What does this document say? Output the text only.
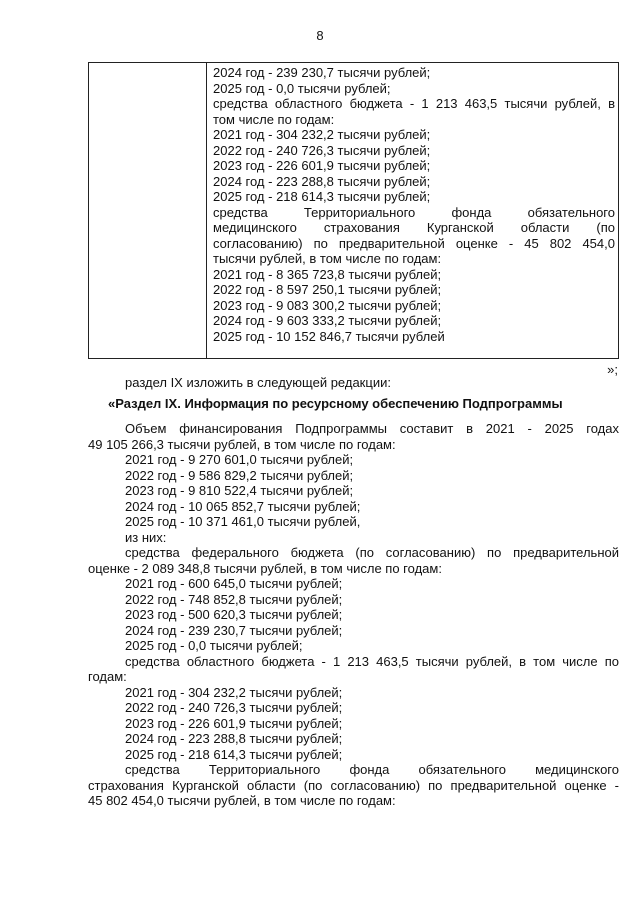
8
2024 год - 239 230,7 тысячи рублей;
2025 год - 0,0 тысячи рублей;
средства областного бюджета - 1 213 463,5 тысячи рублей, в
том числе по годам:
2021 год - 304 232,2 тысячи рублей;
2022 год - 240 726,3 тысячи рублей;
2023 год - 226 601,9 тысячи рублей;
2024 год - 223 288,8 тысячи рублей;
2025 год - 218 614,3 тысячи рублей;
средства Территориального фонда обязательного
медицинского страхования Курганской области (по
согласованию) по предварительной оценке - 45 802 454,0
тысячи рублей, в том числе по годам:
2021 год - 8 365 723,8 тысячи рублей;
2022 год - 8 597 250,1 тысячи рублей;
2023 год - 9 083 300,2 тысячи рублей;
2024 год - 9 603 333,2 тысячи рублей;
2025 год - 10 152 846,7 тысячи рублей
»;
раздел IX изложить в следующей редакции:
«Раздел IX. Информация по ресурсному обеспечению Подпрограммы
Объем финансирования Подпрограммы составит в 2021 - 2025 годах
49 105 266,3 тысячи рублей, в том числе по годам:
2021 год - 9 270 601,0 тысячи рублей;
2022 год - 9 586 829,2 тысячи рублей;
2023 год - 9 810 522,4 тысячи рублей;
2024 год - 10 065 852,7 тысячи рублей;
2025 год - 10 371 461,0 тысячи рублей,
из них:
средства федерального бюджета (по согласованию) по предварительной
оценке - 2 089 348,8 тысячи рублей, в том числе по годам:
2021 год - 600 645,0 тысячи рублей;
2022 год - 748 852,8 тысячи рублей;
2023 год - 500 620,3 тысячи рублей;
2024 год - 239 230,7 тысячи рублей;
2025 год - 0,0 тысячи рублей;
средства областного бюджета - 1 213 463,5 тысячи рублей, в том числе по
годам:
2021 год - 304 232,2 тысячи рублей;
2022 год - 240 726,3 тысячи рублей;
2023 год - 226 601,9 тысячи рублей;
2024 год - 223 288,8 тысячи рублей;
2025 год - 218 614,3 тысячи рублей;
средства Территориального фонда обязательного медицинского
страхования Курганской области (по согласованию) по предварительной оценке -
45 802 454,0 тысячи рублей, в том числе по годам:
